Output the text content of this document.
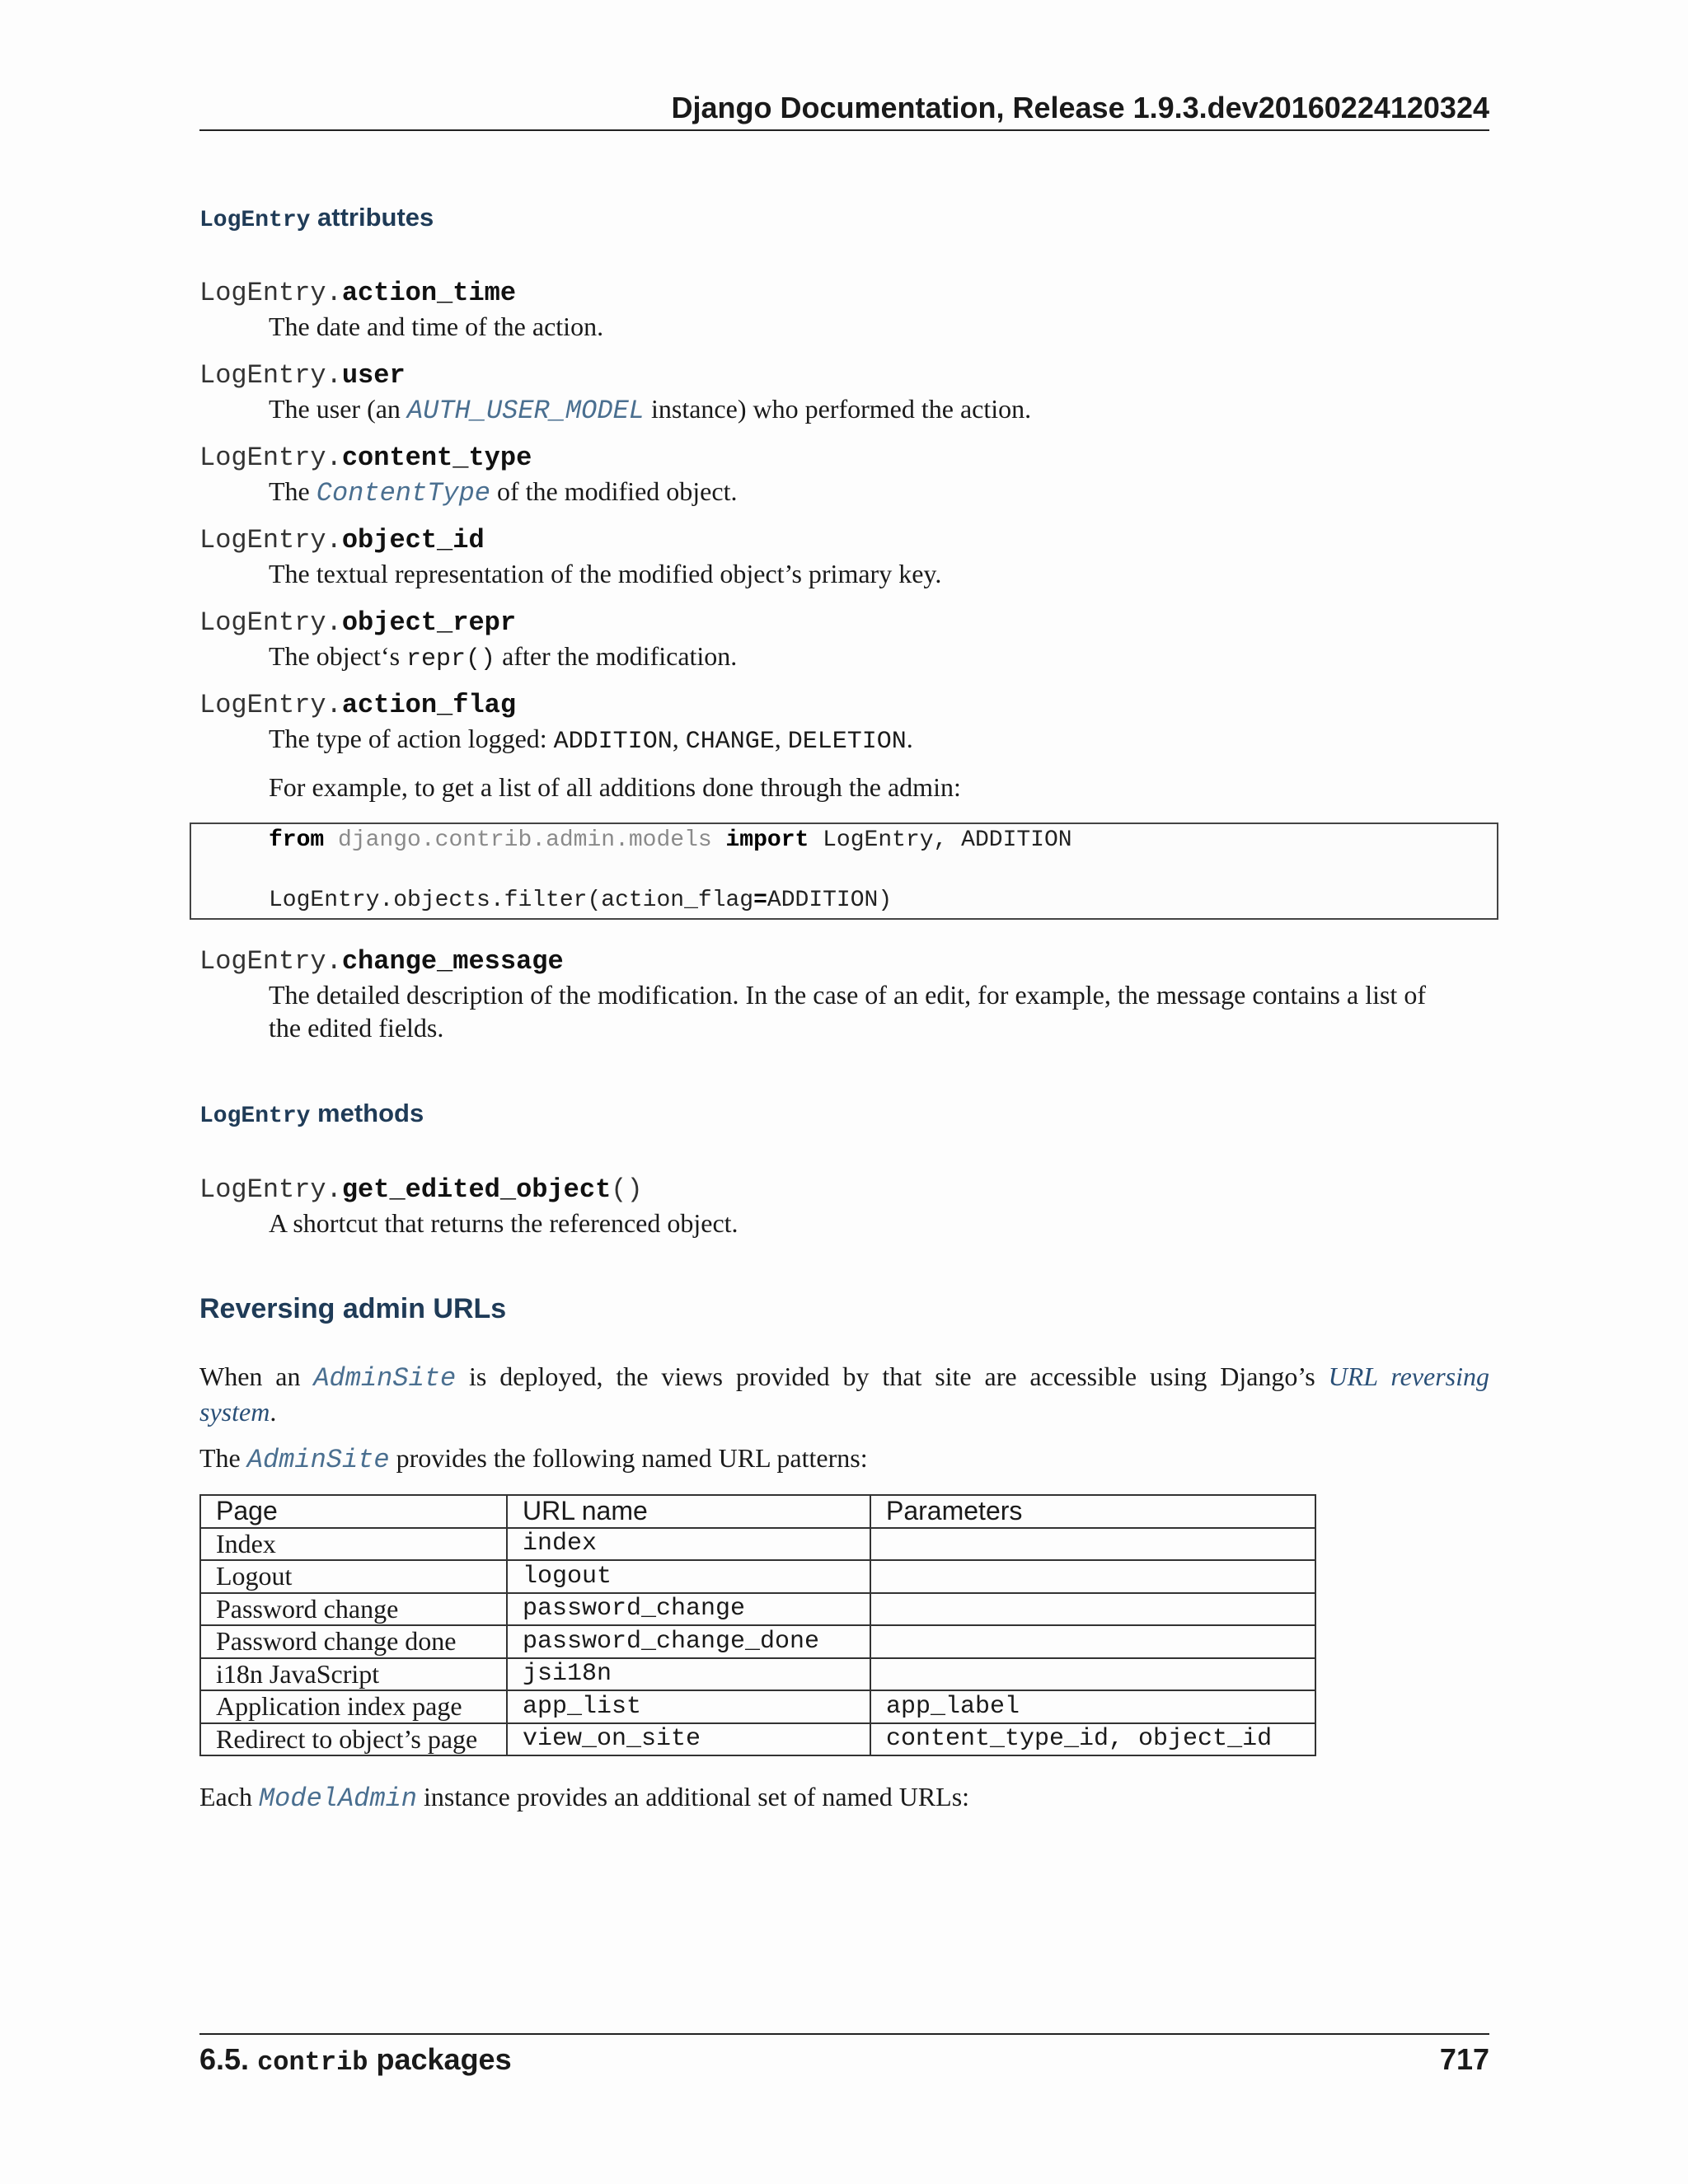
Django Documentation, Release 1.9.3.dev20160224120324
LogEntry attributes
LogEntry.action_time
The date and time of the action.
LogEntry.user
The user (an AUTH_USER_MODEL instance) who performed the action.
LogEntry.content_type
The ContentType of the modified object.
LogEntry.object_id
The textual representation of the modified object’s primary key.
LogEntry.object_repr
The object‘s repr() after the modification.
LogEntry.action_flag
The type of action logged: ADDITION, CHANGE, DELETION.
For example, to get a list of all additions done through the admin:
from django.contrib.admin.models import LogEntry, ADDITION
LogEntry.objects.filter(action_flag=ADDITION)
LogEntry.change_message
The detailed description of the modification. In the case of an edit, for example, the message contains a list of
the edited fields.
LogEntry methods
LogEntry.get_edited_object()
A shortcut that returns the referenced object.
Reversing admin URLs
When an AdminSite is deployed, the views provided by that site are accessible using Django’s URL reversing
system.
The AdminSite provides the following named URL patterns:
Page	URL name	Parameters
Index	index	
Logout	logout	
Password change	password_change	
Password change done	password_change_done	
i18n JavaScript	jsi18n	
Application index page	app_list	app_label
Redirect to object’s page	view_on_site	content_type_id, object_id
Each ModelAdmin instance provides an additional set of named URLs:
6.5. contrib packages	717
